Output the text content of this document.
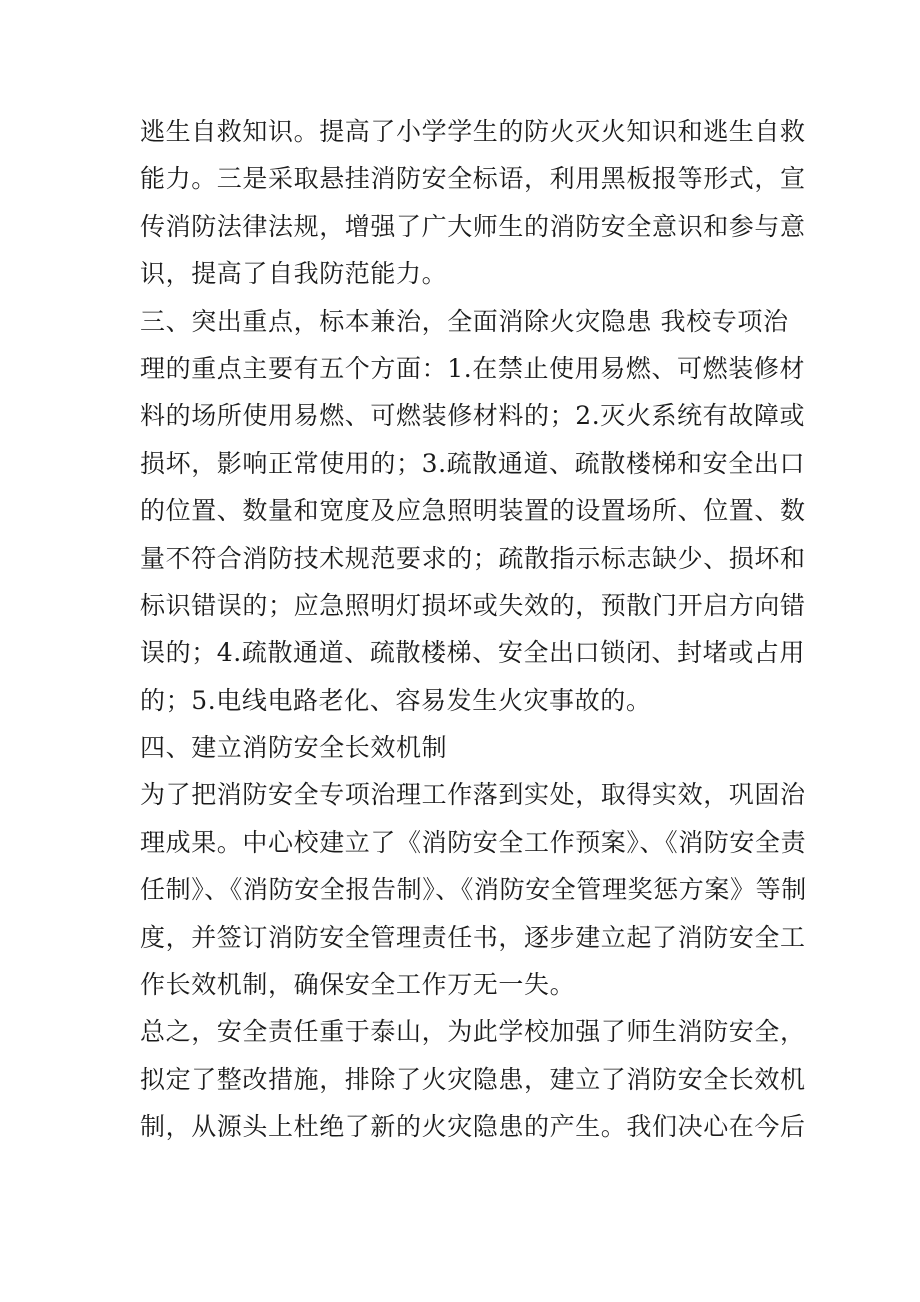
逃生自救知识。提高了小学学生的防火灭火知识和逃生自救
能力。三是采取悬挂消防安全标语，利用黑板报等形式，宣
传消防法律法规，增强了广大师生的消防安全意识和参与意
识，提高了自我防范能力。
三、突出重点，标本兼治，全面消除火灾隐患 我校专项治
理的重点主要有五个方面：1.在禁止使用易燃、可燃装修材
料的场所使用易燃、可燃装修材料的；2.灭火系统有故障或
损坏，影响正常使用的；3.疏散通道、疏散楼梯和安全出口
的位置、数量和宽度及应急照明装置的设置场所、位置、数
量不符合消防技术规范要求的；疏散指示标志缺少、损坏和
标识错误的；应急照明灯损坏或失效的，预散门开启方向错
误的；4.疏散通道、疏散楼梯、安全出口锁闭、封堵或占用
的；5.电线电路老化、容易发生火灾事故的。
四、建立消防安全长效机制
为了把消防安全专项治理工作落到实处，取得实效，巩固治
理成果。中心校建立了《消防安全工作预案》、《消防安全责
任制》、《消防安全报告制》、《消防安全管理奖惩方案》等制
度，并签订消防安全管理责任书，逐步建立起了消防安全工
作长效机制，确保安全工作万无一失。
总之，安全责任重于泰山，为此学校加强了师生消防安全，
拟定了整改措施，排除了火灾隐患，建立了消防安全长效机
制，从源头上杜绝了新的火灾隐患的产生。我们决心在今后
